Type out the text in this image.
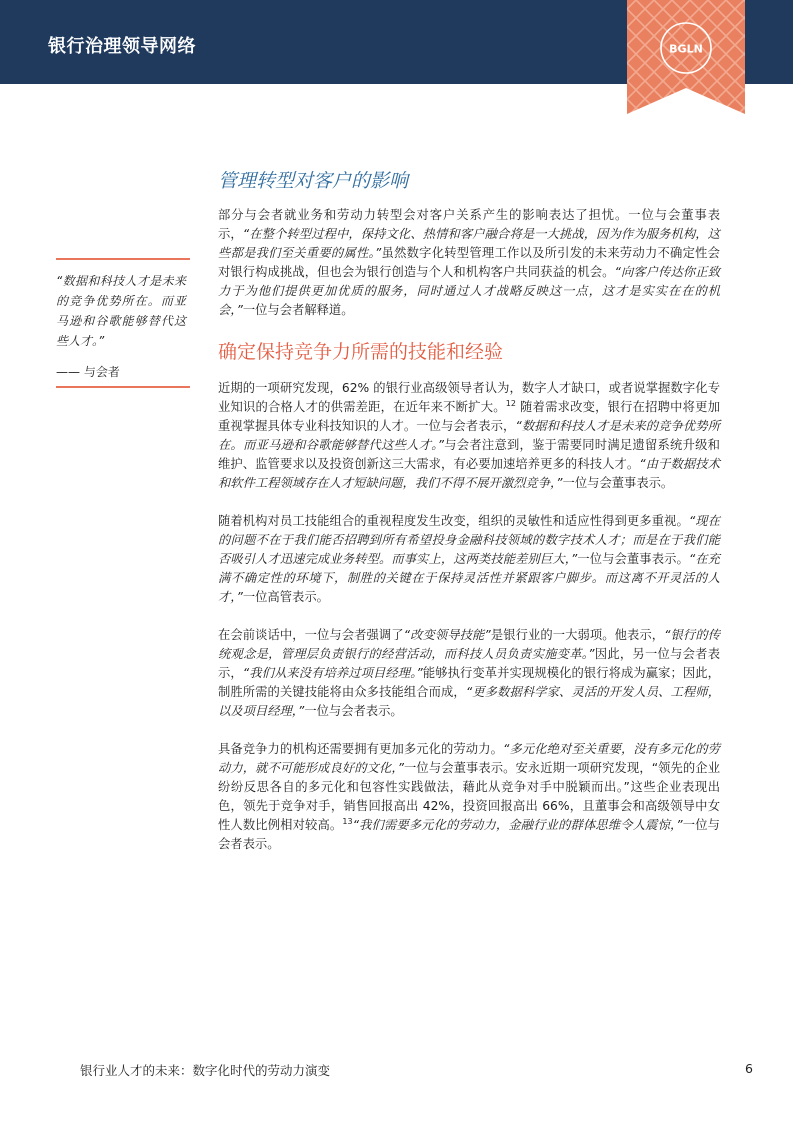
银行治理领导网络	BGLN
“数据和科技人才是未来的竞争优势所在。而亚马逊和谷歌能够替代这些人才。”
—— 与会者
管理转型对客户的影响

部分与会者就业务和劳动力转型会对客户关系产生的影响表达了担忧。一位与会董事表示，“在整个转型过程中，保持文化、热情和客户融合将是一大挑战，因为作为服务机构，这些都是我们至关重要的属性。”虽然数字化转型管理工作以及所引发的未来劳动力不确定性会对银行构成挑战，但也会为银行创造与个人和机构客户共同获益的机会。“向客户传达你正致力于为他们提供更加优质的服务，同时通过人才战略反映这一点，这才是实实在在的机会，”一位与会者解释道。

确定保持竞争力所需的技能和经验

近期的一项研究发现，62% 的银行业高级领导者认为，数字人才缺口，或者说掌握数字化专业知识的合格人才的供需差距，在近年来不断扩大。$^{12}$ 随着需求改变，银行在招聘中将更加重视掌握具体专业科技知识的人才。一位与会者表示，“数据和科技人才是未来的竞争优势所在。而亚马逊和谷歌能够替代这些人才。”与会者注意到，鉴于需要同时满足遗留系统升级和维护、监管要求以及投资创新这三大需求，有必要加速培养更多的科技人才。“由于数据技术和软件工程领域存在人才短缺问题，我们不得不展开激烈竞争，”一位与会董事表示。

随着机构对员工技能组合的重视程度发生改变，组织的灵敏性和适应性得到更多重视。“现在的问题不在于我们能否招聘到所有希望投身金融科技领域的数字技术人才；而是在于我们能否吸引人才迅速完成业务转型。而事实上，这两类技能差别巨大，”一位与会董事表示。“在充满不确定性的环境下，制胜的关键在于保持灵活性并紧跟客户脚步。而这离不开灵活的人才，”一位高管表示。

在会前谈话中，一位与会者强调了“改变领导技能”是银行业的一大弱项。他表示，“银行的传统观念是，管理层负责银行的经营活动，而科技人员负责实施变革。”因此，另一位与会者表示，“我们从来没有培养过项目经理。”能够执行变革并实现规模化的银行将成为赢家；因此，制胜所需的关键技能将由众多技能组合而成，“更多数据科学家、灵活的开发人员、工程师，以及项目经理，”一位与会者表示。

具备竞争力的机构还需要拥有更加多元化的劳动力。“多元化绝对至关重要，没有多元化的劳动力，就不可能形成良好的文化，”一位与会董事表示。安永近期一项研究发现，“领先的企业纷纷反思各自的多元化和包容性实践做法，藉此从竞争对手中脱颖而出。”这些企业表现出色，领先于竞争对手，销售回报高出 42%，投资回报高出 66%，且董事会和高级领导中女性人数比例相对较高。$^{13}$“我们需要多元化的劳动力，金融行业的群体思维令人震惊，”一位与会者表示。

银行业人才的未来：数字化时代的劳动力演变	6
